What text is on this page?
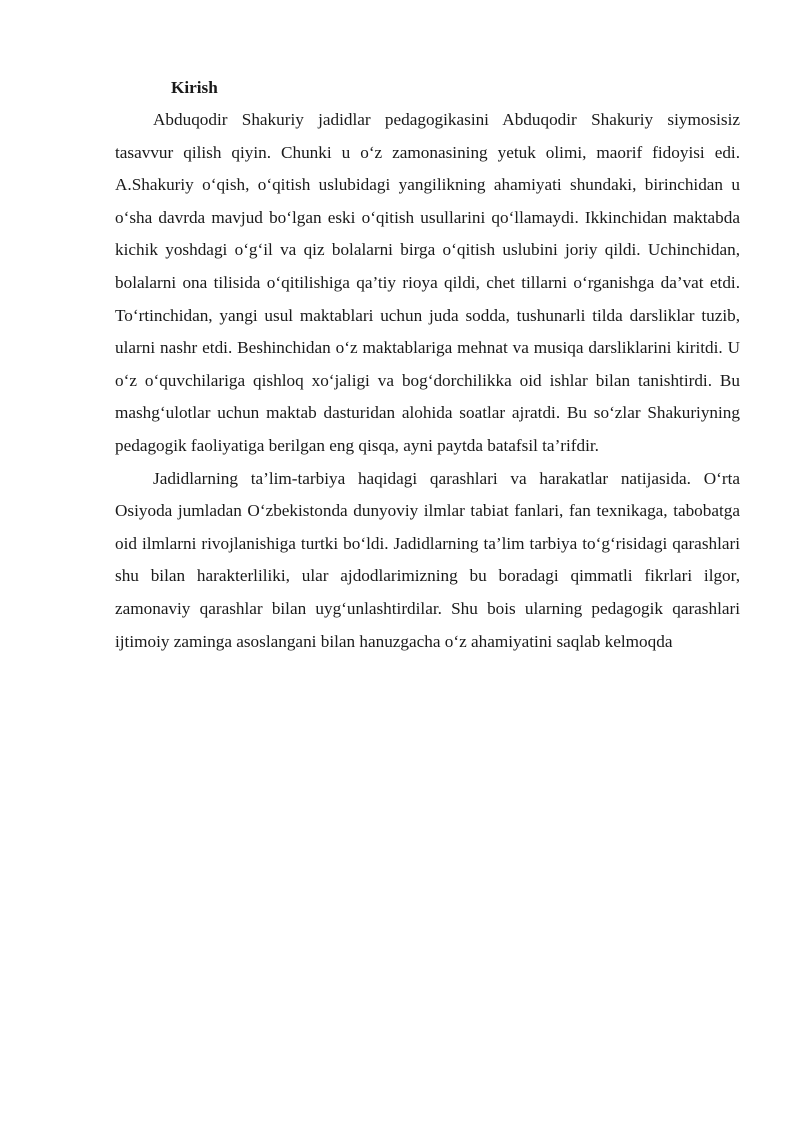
Kirish

Abduqodir Shakuriy jadidlar pedagogikasini Abduqodir Shakuriy siymosisiz tasavvur qilish qiyin. Chunki u o‘z zamonasining yetuk olimi, maorif fidoyisi edi. A.Shakuriy o‘qish, o‘qitish uslubidagi yangilikning ahamiyati shundaki, birinchidan u o‘sha davrda mavjud bo‘lgan eski o‘qitish usullarini qo‘llamaydi. Ikkinchidan maktabda kichik yoshdagi o‘g‘il va qiz bolalarni birga o‘qitish uslubini joriy qildi. Uchinchidan, bolalarni ona tilisida o‘qitilishiga qa’tiy rioya qildi, chet tillarni o‘rganishga da’vat etdi. To‘rtinchidan, yangi usul maktablari uchun juda sodda, tushunarli tilda darsliklar tuzib, ularni nashr etdi. Beshinchidan o‘z maktablariga mehnat va musiqa darsliklarini kiritdi. U o‘z o‘quvchilariga qishloq xo‘jaligi va bog‘dorchilikka oid ishlar bilan tanishtirdi. Bu mashg‘ulotlar uchun maktab dasturidan alohida soatlar ajratdi. Bu so‘zlar Shakuriyning pedagogik faoliyatiga berilgan eng qisqa, ayni paytda batafsil ta’rifdir.

Jadidlarning ta’lim-tarbiya haqidagi qarashlari va harakatlar natijasida. O‘rta Osiyoda jumladan O‘zbekistonda dunyoviy ilmlar tabiat fanlari, fan texnikaga, tabobatga oid ilmlarni rivojlanishiga turtki bo‘ldi. Jadidlarning ta’lim tarbiya to‘g‘risidagi qarashlari shu bilan harakterliliki, ular ajdodlarimizning bu boradagi qimmatli fikrlari ilgor, zamonaviy qarashlar bilan uyg‘unlashtirdilar. Shu bois ularning pedagogik qarashlari ijtimoiy zaminga asoslangani bilan hanuzgacha o‘z ahamiyatini saqlab kelmoqda
